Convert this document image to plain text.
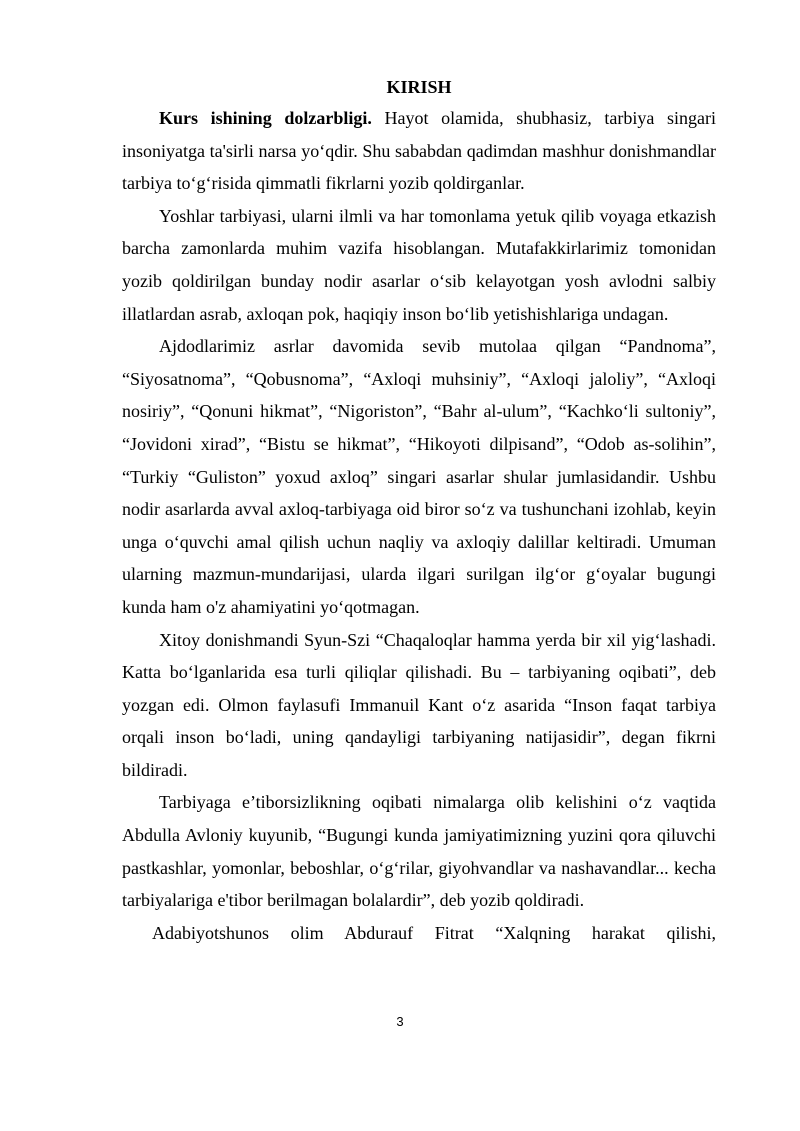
KIRISH

Kurs ishining dolzarbligi. Hayot olamida, shubhasiz, tarbiya singari insoniyatga ta'sirli narsa yo‘qdir. Shu sababdan qadimdan mashhur donishmandlar tarbiya to‘g‘risida qimmatli fikrlarni yozib qoldirganlar.

Yoshlar tarbiyasi, ularni ilmli va har tomonlama yetuk qilib voyaga etkazish barcha zamonlarda muhim vazifa hisoblangan. Mutafakkirlarimiz tomonidan yozib qoldirilgan bunday nodir asarlar o‘sib kelayotgan yosh avlodni salbiy illatlardan asrab, axloqan pok, haqiqiy inson bo‘lib yetishishlariga undagan.

Ajdodlarimiz asrlar davomida sevib mutolaa qilgan “Pandnoma”, “Siyosatnoma”, “Qobusnoma”, “Axloqi muhsiniy”, “Axloqi jaloliy”, “Axloqi nosiriy”, “Qonuni hikmat”, “Nigoriston”, “Bahr al-ulum”, “Kachko‘li sultoniy”, “Jovidoni xirad”, “Bistu se hikmat”, “Hikoyoti dilpisand”, “Odob as-solihin”, “Turkiy “Guliston” yoxud axloq” singari asarlar shular jumlasidandir. Ushbu nodir asarlarda avval axloq-tarbiyaga oid biror so‘z va tushunchani izohlab, keyin unga o‘quvchi amal qilish uchun naqliy va axloqiy dalillar keltiradi. Umuman ularning mazmun-mundarijasi, ularda ilgari surilgan ilg‘or g‘oyalar bugungi kunda ham o'z ahamiyatini yo‘qotmagan.

Xitoy donishmandi Syun-Szi “Chaqaloqlar hamma yerda bir xil yig‘lashadi. Katta bo‘lganlarida esa turli qiliqlar qilishadi. Bu – tarbiyaning oqibati”, deb yozgan edi. Olmon faylasufi Immanuil Kant o‘z asarida “Inson faqat tarbiya orqali inson bo‘ladi, uning qandayligi tarbiyaning natijasidir”, degan fikrni bildiradi.

Tarbiyaga e’tiborsizlikning oqibati nimalarga olib kelishini o‘z vaqtida Abdulla Avloniy kuyunib, “Bugungi kunda jamiyatimizning yuzini qora qiluvchi pastkashlar, yomonlar, beboshlar, o‘g‘rilar, giyohvandlar va nashavandlar... kecha tarbiyalariga e'tibor berilmagan bolalardir”, deb yozib qoldiradi.

Adabiyotshunos olim Abdurauf Fitrat “Xalqning harakat qilishi,

3
